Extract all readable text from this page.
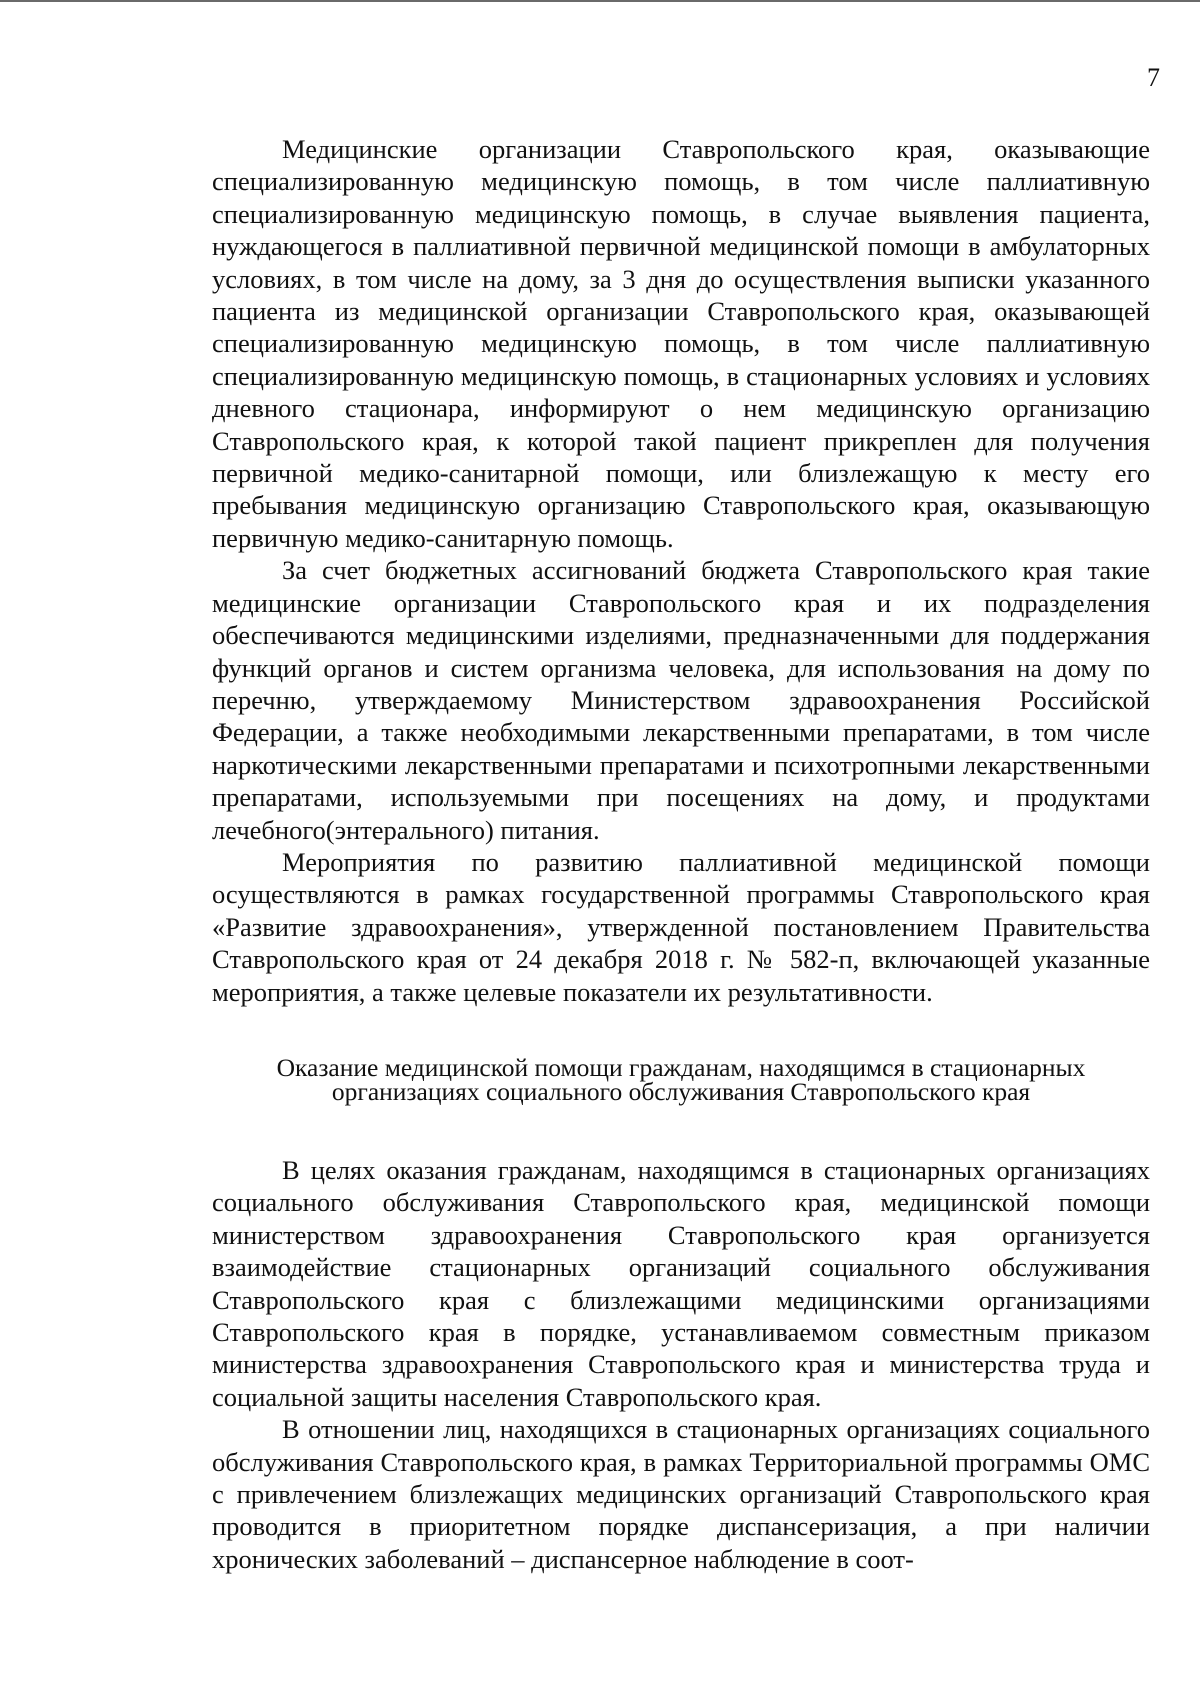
7

Медицинские организации Ставропольского края, оказывающие специализированную медицинскую помощь, в том числе паллиативную специализированную медицинскую помощь, в случае выявления пациента, нуждающегося в паллиативной первичной медицинской помощи в амбулаторных условиях, в том числе на дому, за 3 дня до осуществления выписки указанного пациента из медицинской организации Ставропольского края, оказывающей специализированную медицинскую помощь, в том числе паллиативную специализированную медицинскую помощь, в стационарных условиях и условиях дневного стационара, информируют о нем медицинскую организацию Ставропольского края, к которой такой пациент прикреплен для получения первичной медико-санитарной помощи, или близлежащую к месту его пребывания медицинскую организацию Ставропольского края, оказывающую первичную медико-санитарную помощь.

За счет бюджетных ассигнований бюджета Ставропольского края такие медицинские организации Ставропольского края и их подразделения обеспечиваются медицинскими изделиями, предназначенными для поддержания функций органов и систем организма человека, для использования на дому по перечню, утверждаемому Министерством здравоохранения Российской Федерации, а также необходимыми лекарственными препаратами, в том числе наркотическими лекарственными препаратами и психотропными лекарственными препаратами, используемыми при посещениях на дому, и продуктами лечебного(энтерального) питания.

Мероприятия по развитию паллиативной медицинской помощи осуществляются в рамках государственной программы Ставропольского края «Развитие здравоохранения», утвержденной постановлением Правительства Ставропольского края от 24 декабря 2018 г. № 582-п, включающей указанные мероприятия, а также целевые показатели их результативности.

Оказание медицинской помощи гражданам, находящимся в стационарных
организациях социального обслуживания Ставропольского края

В целях оказания гражданам, находящимся в стационарных организациях социального обслуживания Ставропольского края, медицинской помощи министерством здравоохранения Ставропольского края организуется взаимодействие стационарных организаций социального обслуживания Ставропольского края с близлежащими медицинскими организациями Ставропольского края в порядке, устанавливаемом совместным приказом министерства здравоохранения Ставропольского края и министерства труда и социальной защиты населения Ставропольского края.

В отношении лиц, находящихся в стационарных организациях социального обслуживания Ставропольского края, в рамках Территориальной программы ОМС с привлечением близлежащих медицинских организаций Ставропольского края проводится в приоритетном порядке диспансеризация, а при наличии хронических заболеваний – диспансерное наблюдение в соот-
